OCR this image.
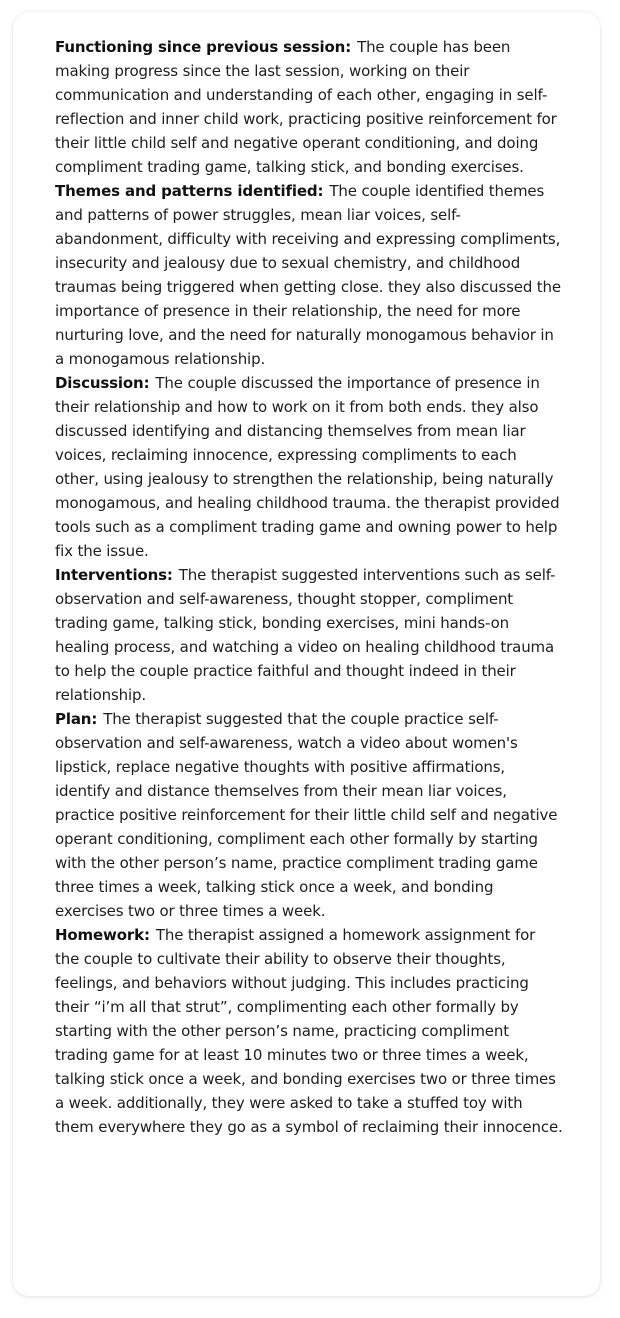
Functioning since previous session: The couple has been making progress since the last session, working on their communication and understanding of each other, engaging in self-reflection and inner child work, practicing positive reinforcement for their little child self and negative operant conditioning, and doing compliment trading game, talking stick, and bonding exercises.

Themes and patterns identified: The couple identified themes and patterns of power struggles, mean liar voices, self-abandonment, difficulty with receiving and expressing compliments, insecurity and jealousy due to sexual chemistry, and childhood traumas being triggered when getting close. they also discussed the importance of presence in their relationship, the need for more nurturing love, and the need for naturally monogamous behavior in a monogamous relationship.

Discussion: The couple discussed the importance of presence in their relationship and how to work on it from both ends. they also discussed identifying and distancing themselves from mean liar voices, reclaiming innocence, expressing compliments to each other, using jealousy to strengthen the relationship, being naturally monogamous, and healing childhood trauma. the therapist provided tools such as a compliment trading game and owning power to help fix the issue.

Interventions: The therapist suggested interventions such as self-observation and self-awareness, thought stopper, compliment trading game, talking stick, bonding exercises, mini hands-on healing process, and watching a video on healing childhood trauma to help the couple practice faithful and thought indeed in their relationship.

Plan: The therapist suggested that the couple practice self-observation and self-awareness, watch a video about women's lipstick, replace negative thoughts with positive affirmations, identify and distance themselves from their mean liar voices, practice positive reinforcement for their little child self and negative operant conditioning, compliment each other formally by starting with the other person’s name, practice compliment trading game three times a week, talking stick once a week, and bonding exercises two or three times a week.

Homework: The therapist assigned a homework assignment for the couple to cultivate their ability to observe their thoughts, feelings, and behaviors without judging. This includes practicing their “i’m all that strut”, complimenting each other formally by starting with the other person’s name, practicing compliment trading game for at least 10 minutes two or three times a week, talking stick once a week, and bonding exercises two or three times a week. additionally, they were asked to take a stuffed toy with them everywhere they go as a symbol of reclaiming their innocence.
